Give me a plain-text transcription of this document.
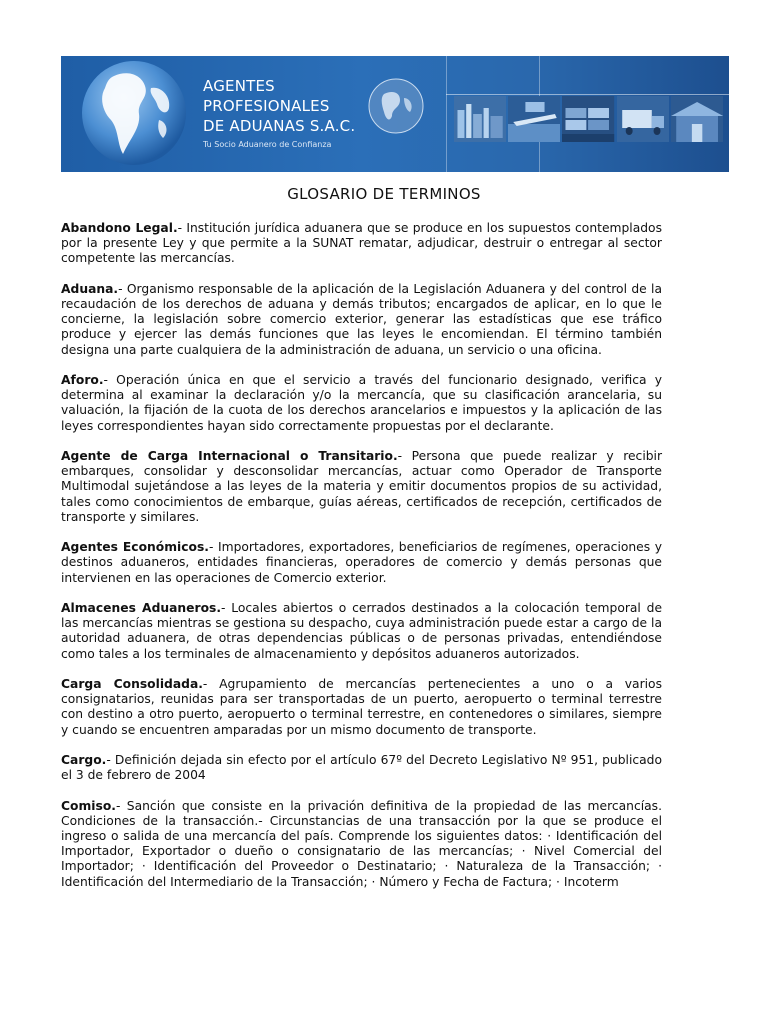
AGENTES
PROFESIONALES
DE ADUANAS S.A.C.
Tu Socio Aduanero de Confianza
GLOSARIO DE TERMINOS

Abandono Legal.- Institución jurídica aduanera que se produce en los supuestos contemplados por la presente Ley y que permite a la SUNAT rematar, adjudicar, destruir o entregar al sector competente las mercancías.

Aduana.- Organismo responsable de la aplicación de la Legislación Aduanera y del control de la recaudación de los derechos de aduana y demás tributos; encargados de aplicar, en lo que le concierne, la legislación sobre comercio exterior, generar las estadísticas que ese tráfico produce y ejercer las demás funciones que las leyes le encomiendan. El término también designa una parte cualquiera de la administración de aduana, un servicio o una oficina.

Aforo.- Operación única en que el servicio a través del funcionario designado, verifica y determina al examinar la declaración y/o la mercancía, que su clasificación arancelaria, su valuación, la fijación de la cuota de los derechos arancelarios e impuestos y la aplicación de las leyes correspondientes hayan sido correctamente propuestas por el declarante.

Agente de Carga Internacional o Transitario.- Persona que puede realizar y recibir embarques, consolidar y desconsolidar mercancías, actuar como Operador de Transporte Multimodal sujetándose a las leyes de la materia y emitir documentos propios de su actividad, tales como conocimientos de embarque, guías aéreas, certificados de recepción, certificados de transporte y similares.

Agentes Económicos.- Importadores, exportadores, beneficiarios de regímenes, operaciones y destinos aduaneros, entidades financieras, operadores de comercio y demás personas que intervienen en las operaciones de Comercio exterior.

Almacenes Aduaneros.- Locales abiertos o cerrados destinados a la colocación temporal de las mercancías mientras se gestiona su despacho, cuya administración puede estar a cargo de la autoridad aduanera, de otras dependencias públicas o de personas privadas, entendiéndose como tales a los terminales de almacenamiento y depósitos aduaneros autorizados.

Carga Consolidada.- Agrupamiento de mercancías pertenecientes a uno o a varios consignatarios, reunidas para ser transportadas de un puerto, aeropuerto o terminal terrestre con destino a otro puerto, aeropuerto o terminal terrestre, en contenedores o similares, siempre y cuando se encuentren amparadas por un mismo documento de transporte.

Cargo.- Definición dejada sin efecto por el artículo 67º del Decreto Legislativo Nº 951, publicado el 3 de febrero de 2004

Comiso.- Sanción que consiste en la privación definitiva de la propiedad de las mercancías. Condiciones de la transacción.- Circunstancias de una transacción por la que se produce el ingreso o salida de una mercancía del país. Comprende los siguientes datos: · Identificación del Importador, Exportador o dueño o consignatario de las mercancías; · Nivel Comercial del Importador; · Identificación del Proveedor o Destinatario; · Naturaleza de la Transacción; · Identificación del Intermediario de la Transacción; · Número y Fecha de Factura; · Incoterm
